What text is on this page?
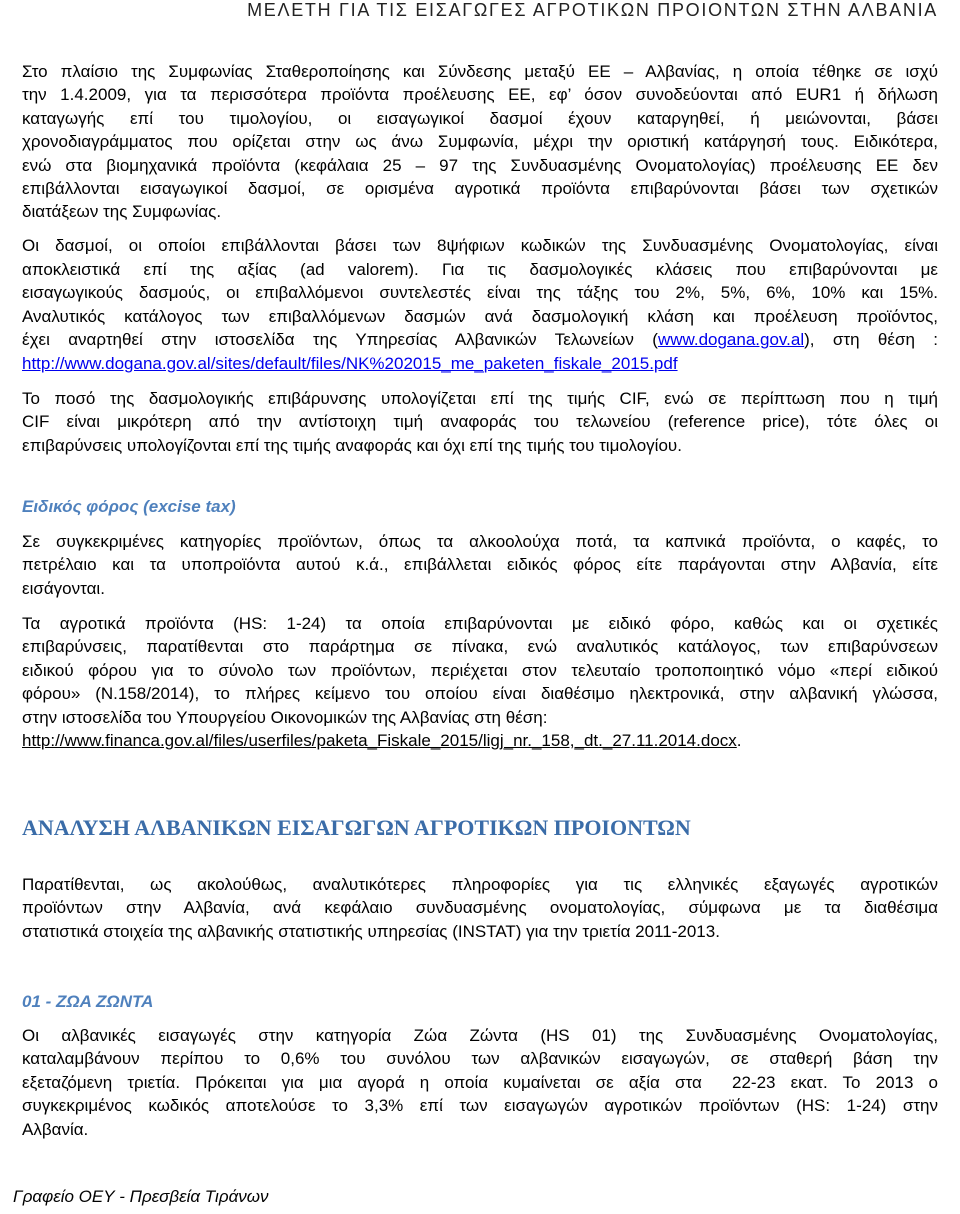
ΜΕΛΕΤΗ ΓΙΑ ΤΙΣ ΕΙΣΑΓΩΓΕΣ ΑΓΡΟΤΙΚΩΝ ΠΡΟΙΟΝΤΩΝ ΣΤΗΝ ΑΛΒΑΝΙΑ
Στο πλαίσιο της Συμφωνίας Σταθεροποίησης και Σύνδεσης μεταξύ ΕΕ – Αλβανίας, η οποία τέθηκε σε ισχύ
την 1.4.2009, για τα περισσότερα προϊόντα προέλευσης ΕΕ, εφ’ όσον συνοδεύονται από EUR1 ή δήλωση
καταγωγής επί του τιμολογίου, οι εισαγωγικοί δασμοί έχουν καταργηθεί, ή μειώνονται, βάσει
χρονοδιαγράμματος που ορίζεται στην ως άνω Συμφωνία, μέχρι την οριστική κατάργησή τους. Ειδικότερα,
ενώ στα βιομηχανικά προϊόντα (κεφάλαια 25 – 97 της Συνδυασμένης Ονοματολογίας) προέλευσης ΕΕ δεν
επιβάλλονται εισαγωγικοί δασμοί, σε ορισμένα αγροτικά προϊόντα επιβαρύνονται βάσει των σχετικών
διατάξεων της Συμφωνίας.
Οι δασμοί, οι οποίοι επιβάλλονται βάσει των 8ψήφιων κωδικών της Συνδυασμένης Ονοματολογίας, είναι
αποκλειστικά επί της αξίας (ad valorem). Για τις δασμολογικές κλάσεις που επιβαρύνονται με
εισαγωγικούς δασμούς, οι επιβαλλόμενοι συντελεστές είναι της τάξης του 2%, 5%, 6%, 10% και 15%.
Αναλυτικός κατάλογος των επιβαλλόμενων δασμών ανά δασμολογική κλάση και προέλευση προϊόντος,
έχει αναρτηθεί στην ιστοσελίδα της Υπηρεσίας Αλβανικών Τελωνείων (www.dogana.gov.al), στη θέση :
http://www.dogana.gov.al/sites/default/files/NK%202015_me_paketen_fiskale_2015.pdf
Το ποσό της δασμολογικής επιβάρυνσης υπολογίζεται επί της τιμής CIF, ενώ σε περίπτωση που η τιμή
CIF είναι μικρότερη από την αντίστοιχη τιμή αναφοράς του τελωνείου (reference price), τότε όλες οι
επιβαρύνσεις υπολογίζονται επί της τιμής αναφοράς και όχι επί της τιμής του τιμολογίου.
Ειδικός φόρος (excise tax)
Σε συγκεκριμένες κατηγορίες προϊόντων, όπως τα αλκοολούχα ποτά, τα καπνικά προϊόντα, ο καφές, το
πετρέλαιο και τα υποπροϊόντα αυτού κ.ά., επιβάλλεται ειδικός φόρος είτε παράγονται στην Αλβανία, είτε
εισάγονται.
Τα αγροτικά προϊόντα (HS: 1-24) τα οποία επιβαρύνονται με ειδικό φόρο, καθώς και οι σχετικές
επιβαρύνσεις, παρατίθενται στο παράρτημα σε πίνακα, ενώ αναλυτικός κατάλογος, των επιβαρύνσεων
ειδικού φόρου για το σύνολο των προϊόντων, περιέχεται στον τελευταίο τροποποιητικό νόμο «περί ειδικού
φόρου» (Ν.158/2014), το πλήρες κείμενο του οποίου είναι διαθέσιμο ηλεκτρονικά, στην αλβανική γλώσσα,
στην ιστοσελίδα του Υπουργείου Οικονομικών της Αλβανίας στη θέση:
http://www.financa.gov.al/files/userfiles/paketa_Fiskale_2015/ligj_nr._158,_dt._27.11.2014.docx.
ΑΝΑΛΥΣΗ ΑΛΒΑΝΙΚΩΝ ΕΙΣΑΓΩΓΩΝ ΑΓΡΟΤΙΚΩΝ ΠΡΟΙΟΝΤΩΝ
Παρατίθενται, ως ακολούθως, αναλυτικότερες πληροφορίες για τις ελληνικές εξαγωγές αγροτικών
προϊόντων στην Αλβανία, ανά κεφάλαιο συνδυασμένης ονοματολογίας, σύμφωνα με τα διαθέσιμα
στατιστικά στοιχεία της αλβανικής στατιστικής υπηρεσίας (INSTAT) για την τριετία 2011-2013.
01 - ΖΩΑ ΖΩΝΤΑ
Οι αλβανικές εισαγωγές στην κατηγορία Ζώα Ζώντα (HS 01) της Συνδυασμένης Ονοματολογίας,
καταλαμβάνουν περίπου το 0,6% του συνόλου των αλβανικών εισαγωγών, σε σταθερή βάση την
εξεταζόμενη τριετία. Πρόκειται για μια αγορά η οποία κυμαίνεται σε αξία στα  22-23 εκατ. Το 2013 ο
συγκεκριμένος κωδικός αποτελούσε το 3,3% επί των εισαγωγών αγροτικών προϊόντων (HS: 1-24) στην
Αλβανία.
Γραφείο ΟΕΥ - Πρεσβεία Τιράνων
